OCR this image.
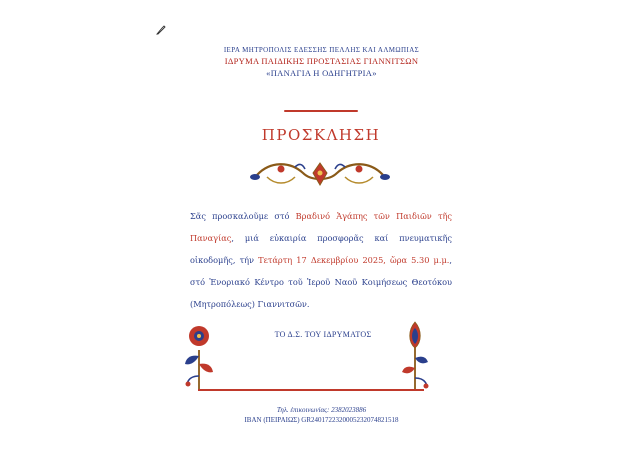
ΙΕΡΑ ΜΗΤΡΟΠΟΛΙΣ ΕΔΕΣΣΗΣ ΠΕΛΛΗΣ ΚΑΙ ΑΛΜΩΠΙΑΣ
ΙΔΡΥΜΑ ΠΑΙΔΙΚΗΣ ΠΡΟΣΤΑΣΙΑΣ ΓΙΑΝΝΙΤΣΩΝ
«ΠΑΝΑΓΙΑ Η ΟΔΗΓΗΤΡΙΑ»
ΠΡΟΣΚΛΗΣΗ
Σᾶς προσκαλοῦμε στό Βραδινό Ἀγάπης τῶν Παιδιῶν τῆς Παναγίας, μιά εὐκαιρία προσφορᾶς καί πνευματικῆς οἰκοδομῆς, τήν Τετάρτη 17 Δεκεμβρίου 2025, ὥρα 5.30 μ.μ., στό Ἐνοριακό Κέντρο τοῦ Ἱεροῦ Ναοῦ Κοιμήσεως Θεοτόκου (Μητροπόλεως) Γιαννιτσῶν.
ΤΟ Δ.Σ. ΤΟΥ ΙΔΡΥΜΑΤΟΣ
Τηλ. ἐπικοινωνίας: 2382023886
IBAN (ΠΕΙΡΑΙΩΣ) GR2401722320005232074821518
